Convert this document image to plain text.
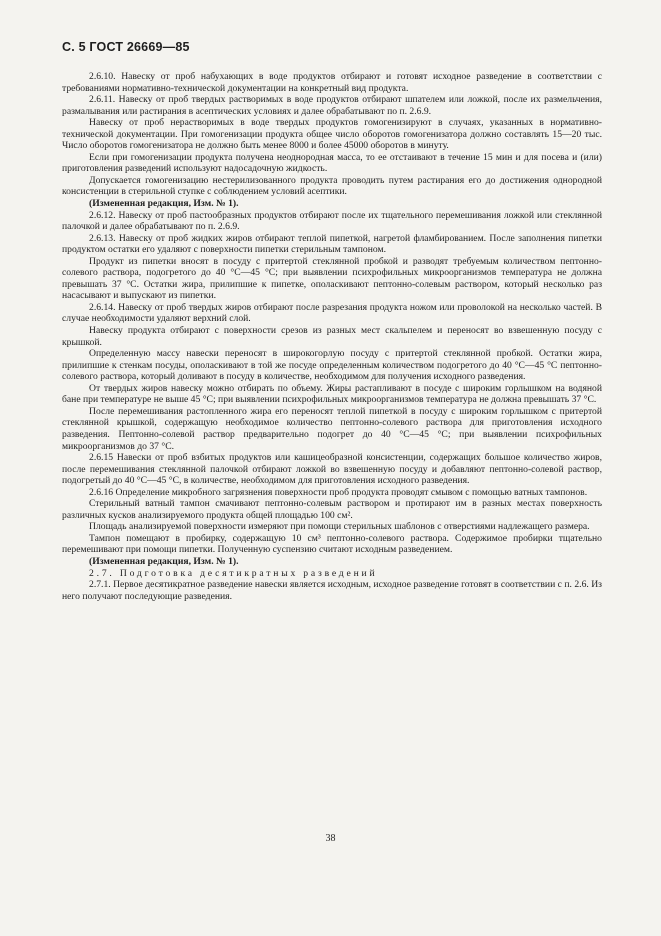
С. 5 ГОСТ 26669—85

2.6.10. Навеску от проб набухающих в воде продуктов отбирают и готовят исходное разведение в соответствии с требованиями нормативно-технической документации на конкретный вид продукта.

2.6.11. Навеску от проб твердых растворимых в воде продуктов отбирают шпателем или ложкой, после их размельчения, размалывания или растирания в асептических условиях и далее обрабатывают по п. 2.6.9.

Навеску от проб нерастворимых в воде твердых продуктов гомогенизируют в случаях, указанных в нормативно-технической документации. При гомогенизации продукта общее число оборотов гомогенизатора должно составлять 15—20 тыс. Число оборотов гомогенизатора не должно быть менее 8000 и более 45000 оборотов в минуту.

Если при гомогенизации продукта получена неоднородная масса, то ее отстаивают в течение 15 мин и для посева и (или) приготовления разведений используют надосадочную жидкость.

Допускается гомогенизацию нестерилизованного продукта проводить путем растирания его до достижения однородной консистенции в стерильной ступке с соблюдением условий асептики.

(Измененная редакция, Изм. № 1).

2.6.12. Навеску от проб пастообразных продуктов отбирают после их тщательного перемешивания ложкой или стеклянной палочкой и далее обрабатывают по п. 2.6.9.

2.6.13. Навеску от проб жидких жиров отбирают теплой пипеткой, нагретой фламбированием. После заполнения пипетки продуктом остатки его удаляют с поверхности пипетки стерильным тампоном.

Продукт из пипетки вносят в посуду с притертой стеклянной пробкой и разводят требуемым количеством пептонно-солевого раствора, подогретого до 40 °С—45 °С; при выявлении психрофильных микроорганизмов температура не должна превышать 37 °С. Остатки жира, прилипшие к пипетке, ополаскивают пептонно-солевым раствором, который несколько раз насасывают и выпускают из пипетки.

2.6.14. Навеску от проб твердых жиров отбирают после разрезания продукта ножом или проволокой на несколько частей. В случае необходимости удаляют верхний слой.

Навеску продукта отбирают с поверхности срезов из разных мест скальпелем и переносят во взвешенную посуду с крышкой.

Определенную массу навески переносят в широкогорлую посуду с притертой стеклянной пробкой. Остатки жира, прилипшие к стенкам посуды, ополаскивают в той же посуде определенным количеством подогретого до 40 °С—45 °С пептонно-солевого раствора, который доливают в посуду в количестве, необходимом для получения исходного разведения.

От твердых жиров навеску можно отбирать по объему. Жиры растапливают в посуде с широким горлышком на водяной бане при температуре не выше 45 °С; при выявлении психрофильных микроорганизмов температура не должна превышать 37 °С.

После перемешивания растопленного жира его переносят теплой пипеткой в посуду с широким горлышком с притертой стеклянной крышкой, содержащую необходимое количество пептонно-солевого раствора для приготовления исходного разведения. Пептонно-солевой раствор предварительно подогрет до 40 °С—45 °С; при выявлении психрофильных микроорганизмов до 37 °С.

2.6.15 Навески от проб взбитых продуктов или кашицеобразной консистенции, содержащих большое количество жиров, после перемешивания стеклянной палочкой отбирают ложкой во взвешенную посуду и добавляют пептонно-солевой раствор, подогретый до 40 °С—45 °С, в количестве, необходимом для приготовления исходного разведения.

2.6.16 Определение микробного загрязнения поверхности проб продукта проводят смывом с помощью ватных тампонов.

Стерильный ватный тампон смачивают пептонно-солевым раствором и протирают им в разных местах поверхность различных кусков анализируемого продукта общей площадью 100 см².

Площадь анализируемой поверхности измеряют при помощи стерильных шаблонов с отверстиями надлежащего размера.

Тампон помещают в пробирку, содержащую 10 см³ пептонно-солевого раствора. Содержимое пробирки тщательно перемешивают при помощи пипетки. Полученную суспензию считают исходным разведением.

(Измененная редакция, Изм. № 1).

2.7. Подготовка десятикратных разведений

2.7.1. Первое десятикратное разведение навески является исходным, исходное разведение готовят в соответствии с п. 2.6. Из него получают последующие разведения.

38
